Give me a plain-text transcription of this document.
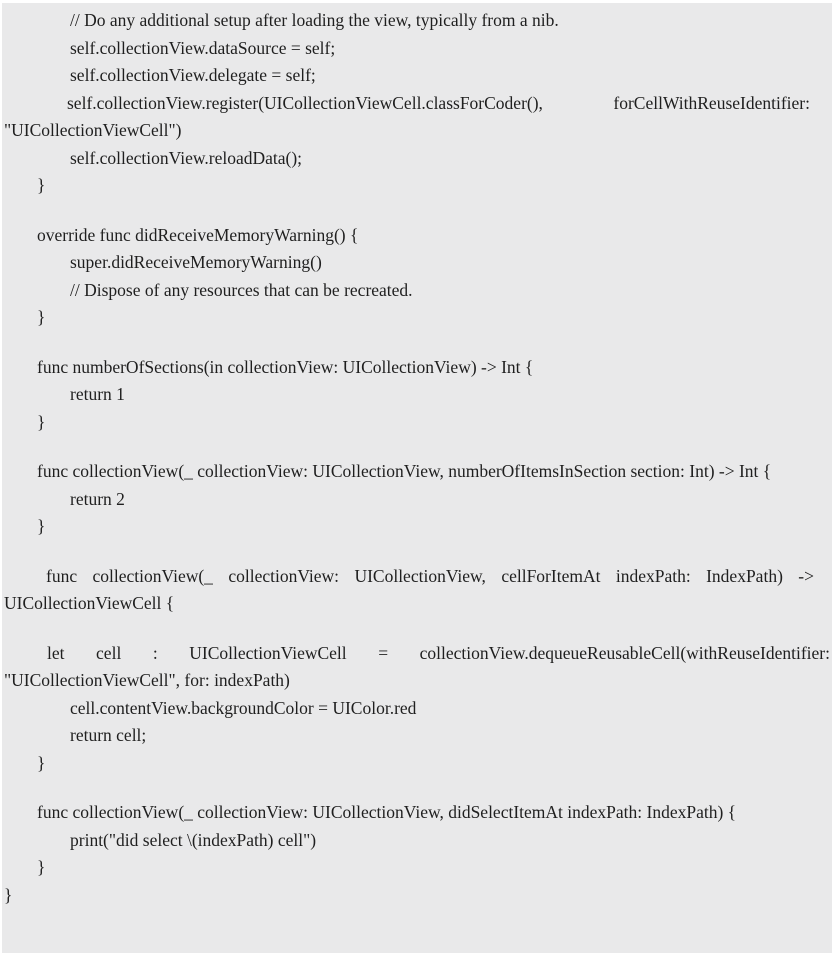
// Do any additional setup after loading the view, typically from a nib.
self.collectionView.dataSource = self;
self.collectionView.delegate = self;
self.collectionView.register(UICollectionViewCell.classForCoder(), forCellWithReuseIdentifier:
"UICollectionViewCell")
self.collectionView.reloadData();
}
override func didReceiveMemoryWarning() {
super.didReceiveMemoryWarning()
// Dispose of any resources that can be recreated.
}
func numberOfSections(in collectionView: UICollectionView) -> Int {
return 1
}
func collectionView(_ collectionView: UICollectionView, numberOfItemsInSection section: Int) -> Int {
return 2
}
func collectionView(_ collectionView: UICollectionView, cellForItemAt indexPath: IndexPath) ->
UICollectionViewCell {
let cell : UICollectionViewCell = collectionView.dequeueReusableCell(withReuseIdentifier:
"UICollectionViewCell", for: indexPath)
cell.contentView.backgroundColor = UIColor.red
return cell;
}
func collectionView(_ collectionView: UICollectionView, didSelectItemAt indexPath: IndexPath) {
print("did select \(indexPath) cell")
}
}
